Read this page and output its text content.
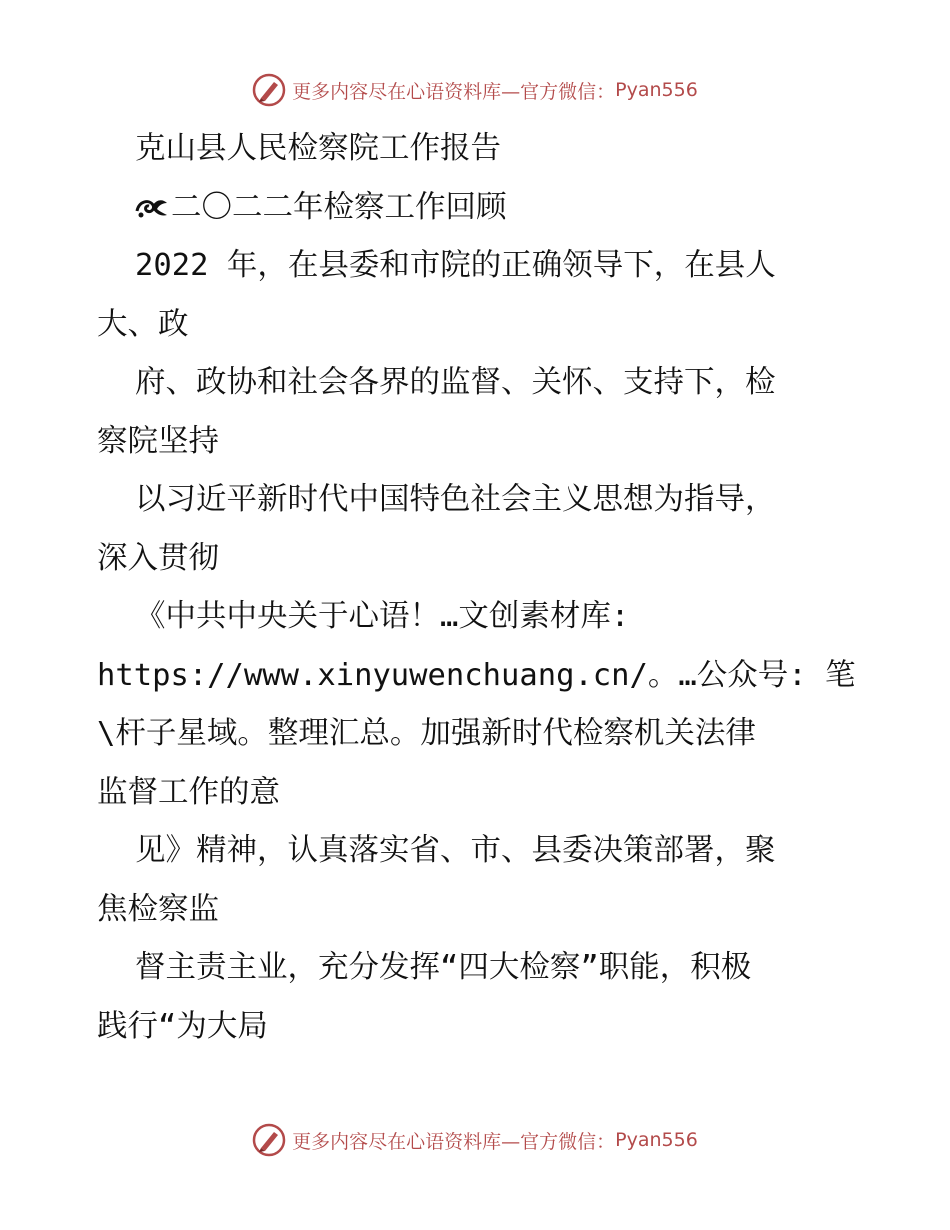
更多内容尽在心语资料库—官方微信： Pyan556
克山县人民检察院工作报告
二〇二二年检察工作回顾
2022 年，在县委和市院的正确领导下，在县人
大、政
府、政协和社会各界的监督、关怀、支持下，检
察院坚持
以习近平新时代中国特色社会主义思想为指导，
深入贯彻
《中共中央关于心语！…文创素材库:
https://www.xinyuwenchuang.cn/。…公众号: 笔
\杆子星域。整理汇总。加强新时代检察机关法律
监督工作的意
见》精神，认真落实省、市、县委决策部署，聚
焦检察监
督主责主业，充分发挥“四大检察”职能，积极
践行“为大局
更多内容尽在心语资料库—官方微信： Pyan556
